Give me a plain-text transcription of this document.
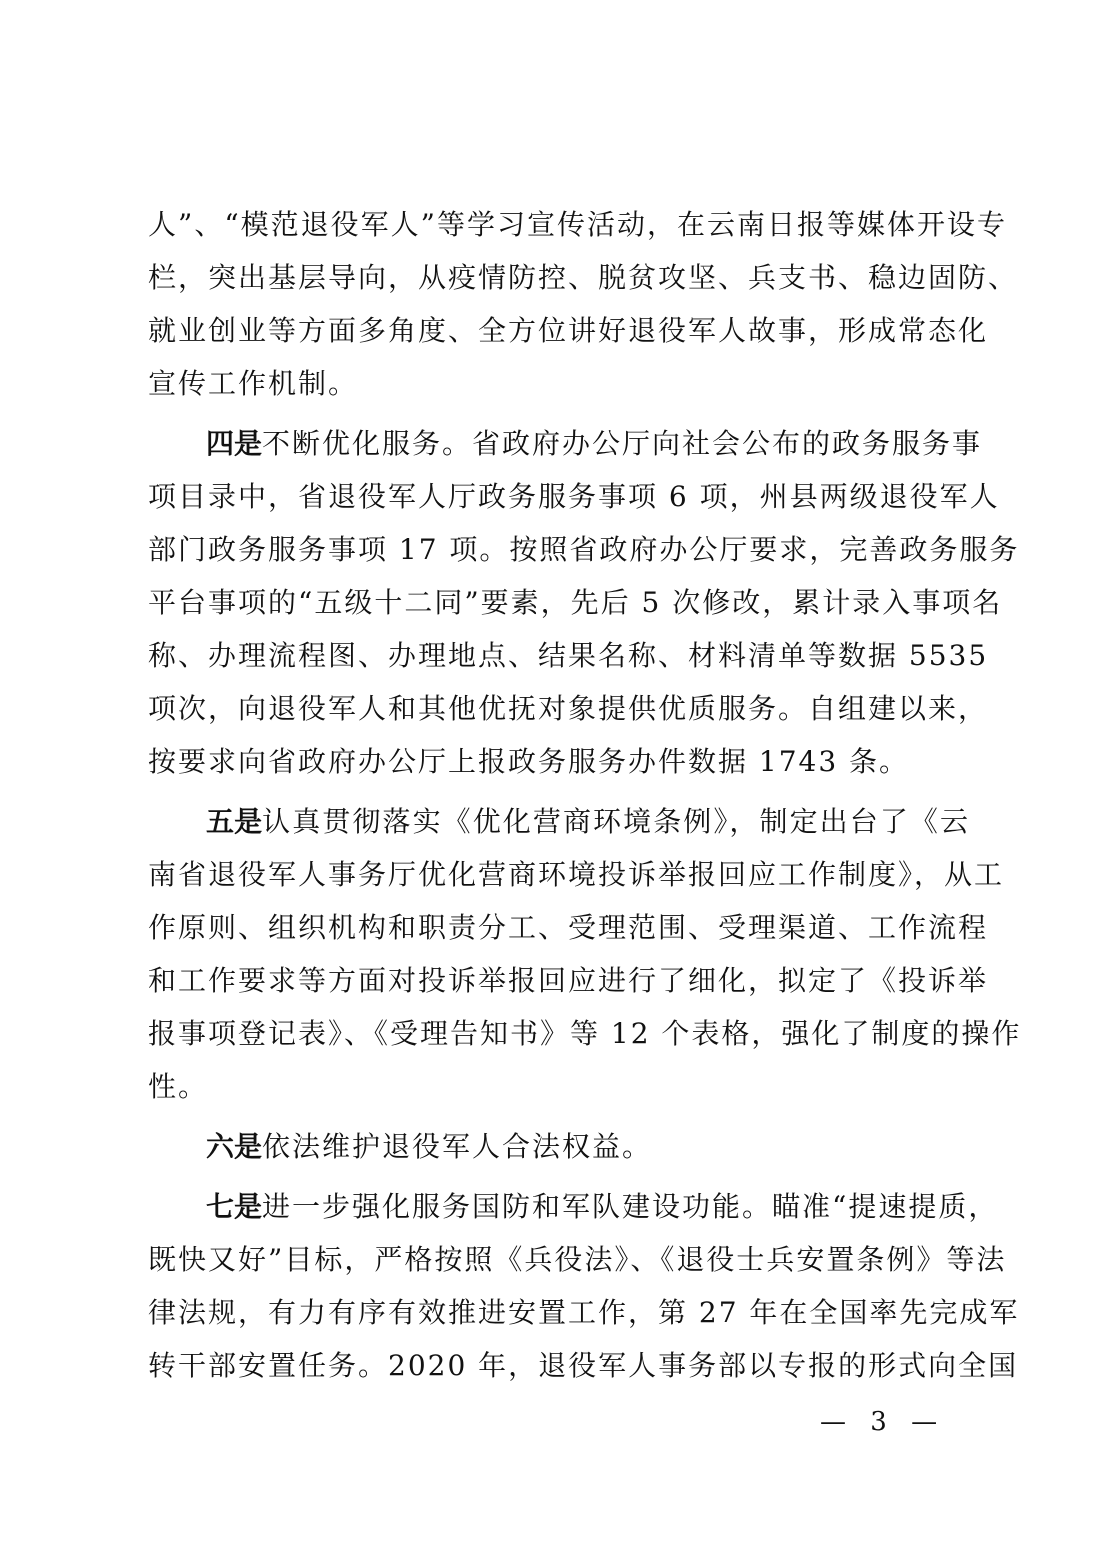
人”、“模范退役军人”等学习宣传活动，在云南日报等媒体开设专
栏，突出基层导向，从疫情防控、脱贫攻坚、兵支书、稳边固防、
就业创业等方面多角度、全方位讲好退役军人故事，形成常态化
宣传工作机制。
四是不断优化服务。省政府办公厅向社会公布的政务服务事
项目录中，省退役军人厅政务服务事项 6 项，州县两级退役军人
部门政务服务事项 17 项。按照省政府办公厅要求，完善政务服务
平台事项的“五级十二同”要素，先后 5 次修改，累计录入事项名
称、办理流程图、办理地点、结果名称、材料清单等数据 5535
项次，向退役军人和其他优抚对象提供优质服务。自组建以来，
按要求向省政府办公厅上报政务服务办件数据 1743 条。
五是认真贯彻落实《优化营商环境条例》，制定出台了《云
南省退役军人事务厅优化营商环境投诉举报回应工作制度》，从工
作原则、组织机构和职责分工、受理范围、受理渠道、工作流程
和工作要求等方面对投诉举报回应进行了细化，拟定了《投诉举
报事项登记表》、《受理告知书》等 12 个表格，强化了制度的操作
性。
六是依法维护退役军人合法权益。
七是进一步强化服务国防和军队建设功能。瞄准“提速提质，
既快又好”目标，严格按照《兵役法》、《退役士兵安置条例》等法
律法规，有力有序有效推进安置工作，第 27 年在全国率先完成军
转干部安置任务。2020 年，退役军人事务部以专报的形式向全国
— 3 —
